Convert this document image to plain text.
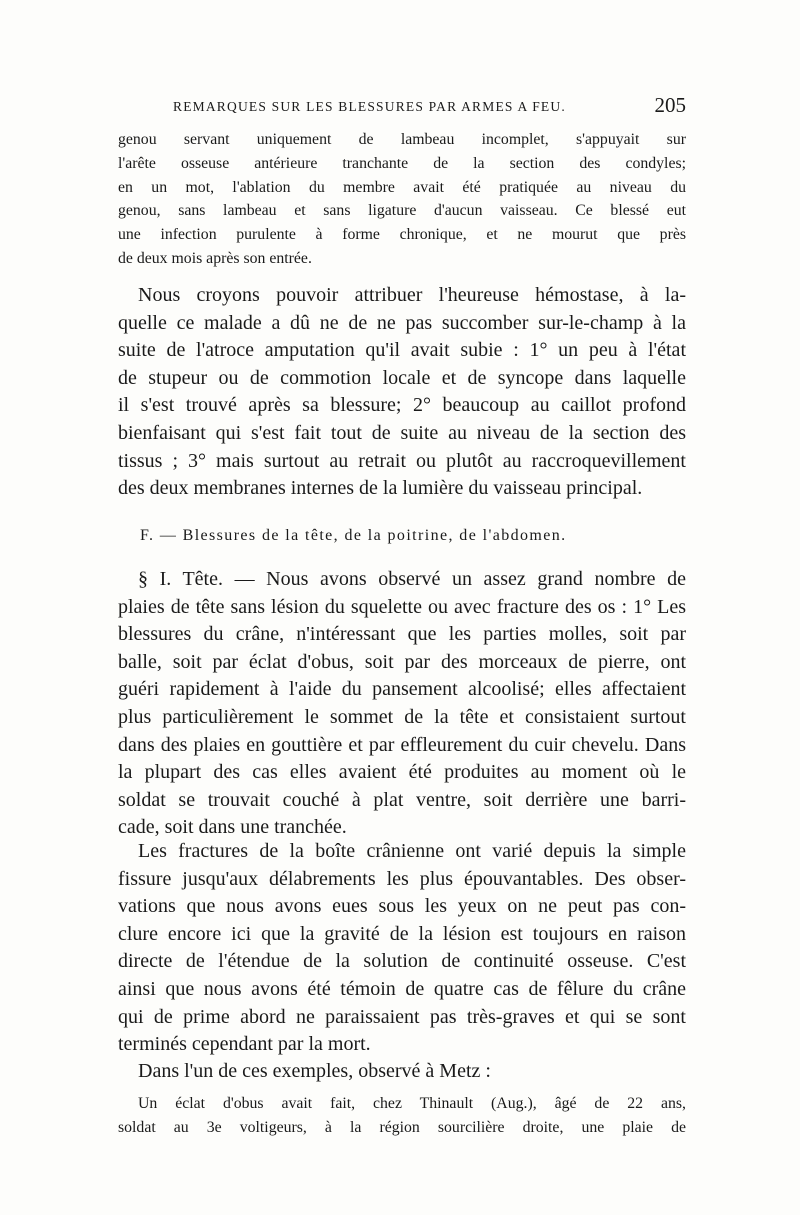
REMARQUES SUR LES BLESSURES PAR ARMES A FEU.	205
genou servant uniquement de lambeau incomplet, s'appuyait sur
l'arête osseuse antérieure tranchante de la section des condyles;
en un mot, l'ablation du membre avait été pratiquée au niveau du
genou, sans lambeau et sans ligature d'aucun vaisseau. Ce blessé eut
une infection purulente à forme chronique, et ne mourut que près
de deux mois après son entrée.
Nous croyons pouvoir attribuer l'heureuse hémostase, à la-
quelle ce malade a dû ne de ne pas succomber sur-le-champ à la
suite de l'atroce amputation qu'il avait subie : 1° un peu à l'état
de stupeur ou de commotion locale et de syncope dans laquelle
il s'est trouvé après sa blessure; 2° beaucoup au caillot profond
bienfaisant qui s'est fait tout de suite au niveau de la section des
tissus ; 3° mais surtout au retrait ou plutôt au raccroquevillement
des deux membranes internes de la lumière du vaisseau principal.
F. — Blessures de la tête, de la poitrine, de l'abdomen.
§ I. Tête. — Nous avons observé un assez grand nombre de
plaies de tête sans lésion du squelette ou avec fracture des os : 1° Les
blessures du crâne, n'intéressant que les parties molles, soit par
balle, soit par éclat d'obus, soit par des morceaux de pierre, ont
guéri rapidement à l'aide du pansement alcoolisé; elles affectaient
plus particulièrement le sommet de la tête et consistaient surtout
dans des plaies en gouttière et par effleurement du cuir chevelu. Dans
la plupart des cas elles avaient été produites au moment où le
soldat se trouvait couché à plat ventre, soit derrière une barri-
cade, soit dans une tranchée.
Les fractures de la boîte crânienne ont varié depuis la simple
fissure jusqu'aux délabrements les plus épouvantables. Des obser-
vations que nous avons eues sous les yeux on ne peut pas con-
clure encore ici que la gravité de la lésion est toujours en raison
directe de l'étendue de la solution de continuité osseuse. C'est
ainsi que nous avons été témoin de quatre cas de fêlure du crâne
qui de prime abord ne paraissaient pas très-graves et qui se sont
terminés cependant par la mort.
Dans l'un de ces exemples, observé à Metz :
Un éclat d'obus avait fait, chez Thinault (Aug.), âgé de 22 ans,
soldat au 3e voltigeurs, à la région sourcilière droite, une plaie de
